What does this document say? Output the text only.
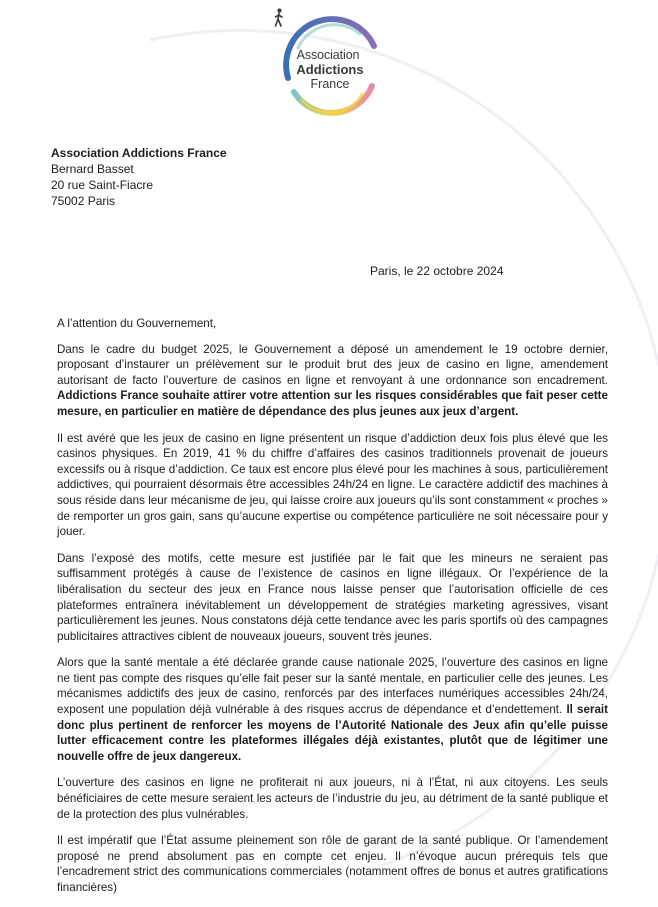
Association
Addictions
France
Association Addictions France
Bernard Basset
20 rue Saint-Fiacre
75002 Paris
Paris, le 22 octobre 2024

A l’attention du Gouvernement,

Dans le cadre du budget 2025, le Gouvernement a déposé un amendement le 19 octobre dernier, proposant d’instaurer un prélèvement sur le produit brut des jeux de casino en ligne, amendement autorisant de facto l’ouverture de casinos en ligne et renvoyant à une ordonnance son encadrement. Addictions France souhaite attirer votre attention sur les risques considérables que fait peser cette mesure, en particulier en matière de dépendance des plus jeunes aux jeux d’argent.

Il est avéré que les jeux de casino en ligne présentent un risque d’addiction deux fois plus élevé que les casinos physiques. En 2019, 41 % du chiffre d’affaires des casinos traditionnels provenait de joueurs excessifs ou à risque d’addiction. Ce taux est encore plus élevé pour les machines à sous, particulièrement addictives, qui pourraient désormais être accessibles 24h/24 en ligne. Le caractère addictif des machines à sous réside dans leur mécanisme de jeu, qui laisse croire aux joueurs qu’ils sont constamment « proches » de remporter un gros gain, sans qu’aucune expertise ou compétence particulière ne soit nécessaire pour y jouer.

Dans l’exposé des motifs, cette mesure est justifiée par le fait que les mineurs ne seraient pas suffisamment protégés à cause de l’existence de casinos en ligne illégaux. Or l’expérience de la libéralisation du secteur des jeux en France nous laisse penser que l’autorisation officielle de ces plateformes entraînera inévitablement un développement de stratégies marketing agressives, visant particulièrement les jeunes. Nous constatons déjà cette tendance avec les paris sportifs où des campagnes publicitaires attractives ciblent de nouveaux joueurs, souvent très jeunes.

Alors que la santé mentale a été déclarée grande cause nationale 2025, l’ouverture des casinos en ligne ne tient pas compte des risques qu’elle fait peser sur la santé mentale, en particulier celle des jeunes. Les mécanismes addictifs des jeux de casino, renforcés par des interfaces numériques accessibles 24h/24, exposent une population déjà vulnérable à des risques accrus de dépendance et d’endettement. Il serait donc plus pertinent de renforcer les moyens de l’Autorité Nationale des Jeux afin qu’elle puisse lutter efficacement contre les plateformes illégales déjà existantes, plutôt que de légitimer une nouvelle offre de jeux dangereux.

L’ouverture des casinos en ligne ne profiterait ni aux joueurs, ni à l’État, ni aux citoyens. Les seuls bénéficiaires de cette mesure seraient les acteurs de l’industrie du jeu, au détriment de la santé publique et de la protection des plus vulnérables.

Il est impératif que l’État assume pleinement son rôle de garant de la santé publique. Or l’amendement proposé ne prend absolument pas en compte cet enjeu. Il n’évoque aucun prérequis tels que l’encadrement strict des communications commerciales (notamment offres de bonus et autres gratifications financières)
